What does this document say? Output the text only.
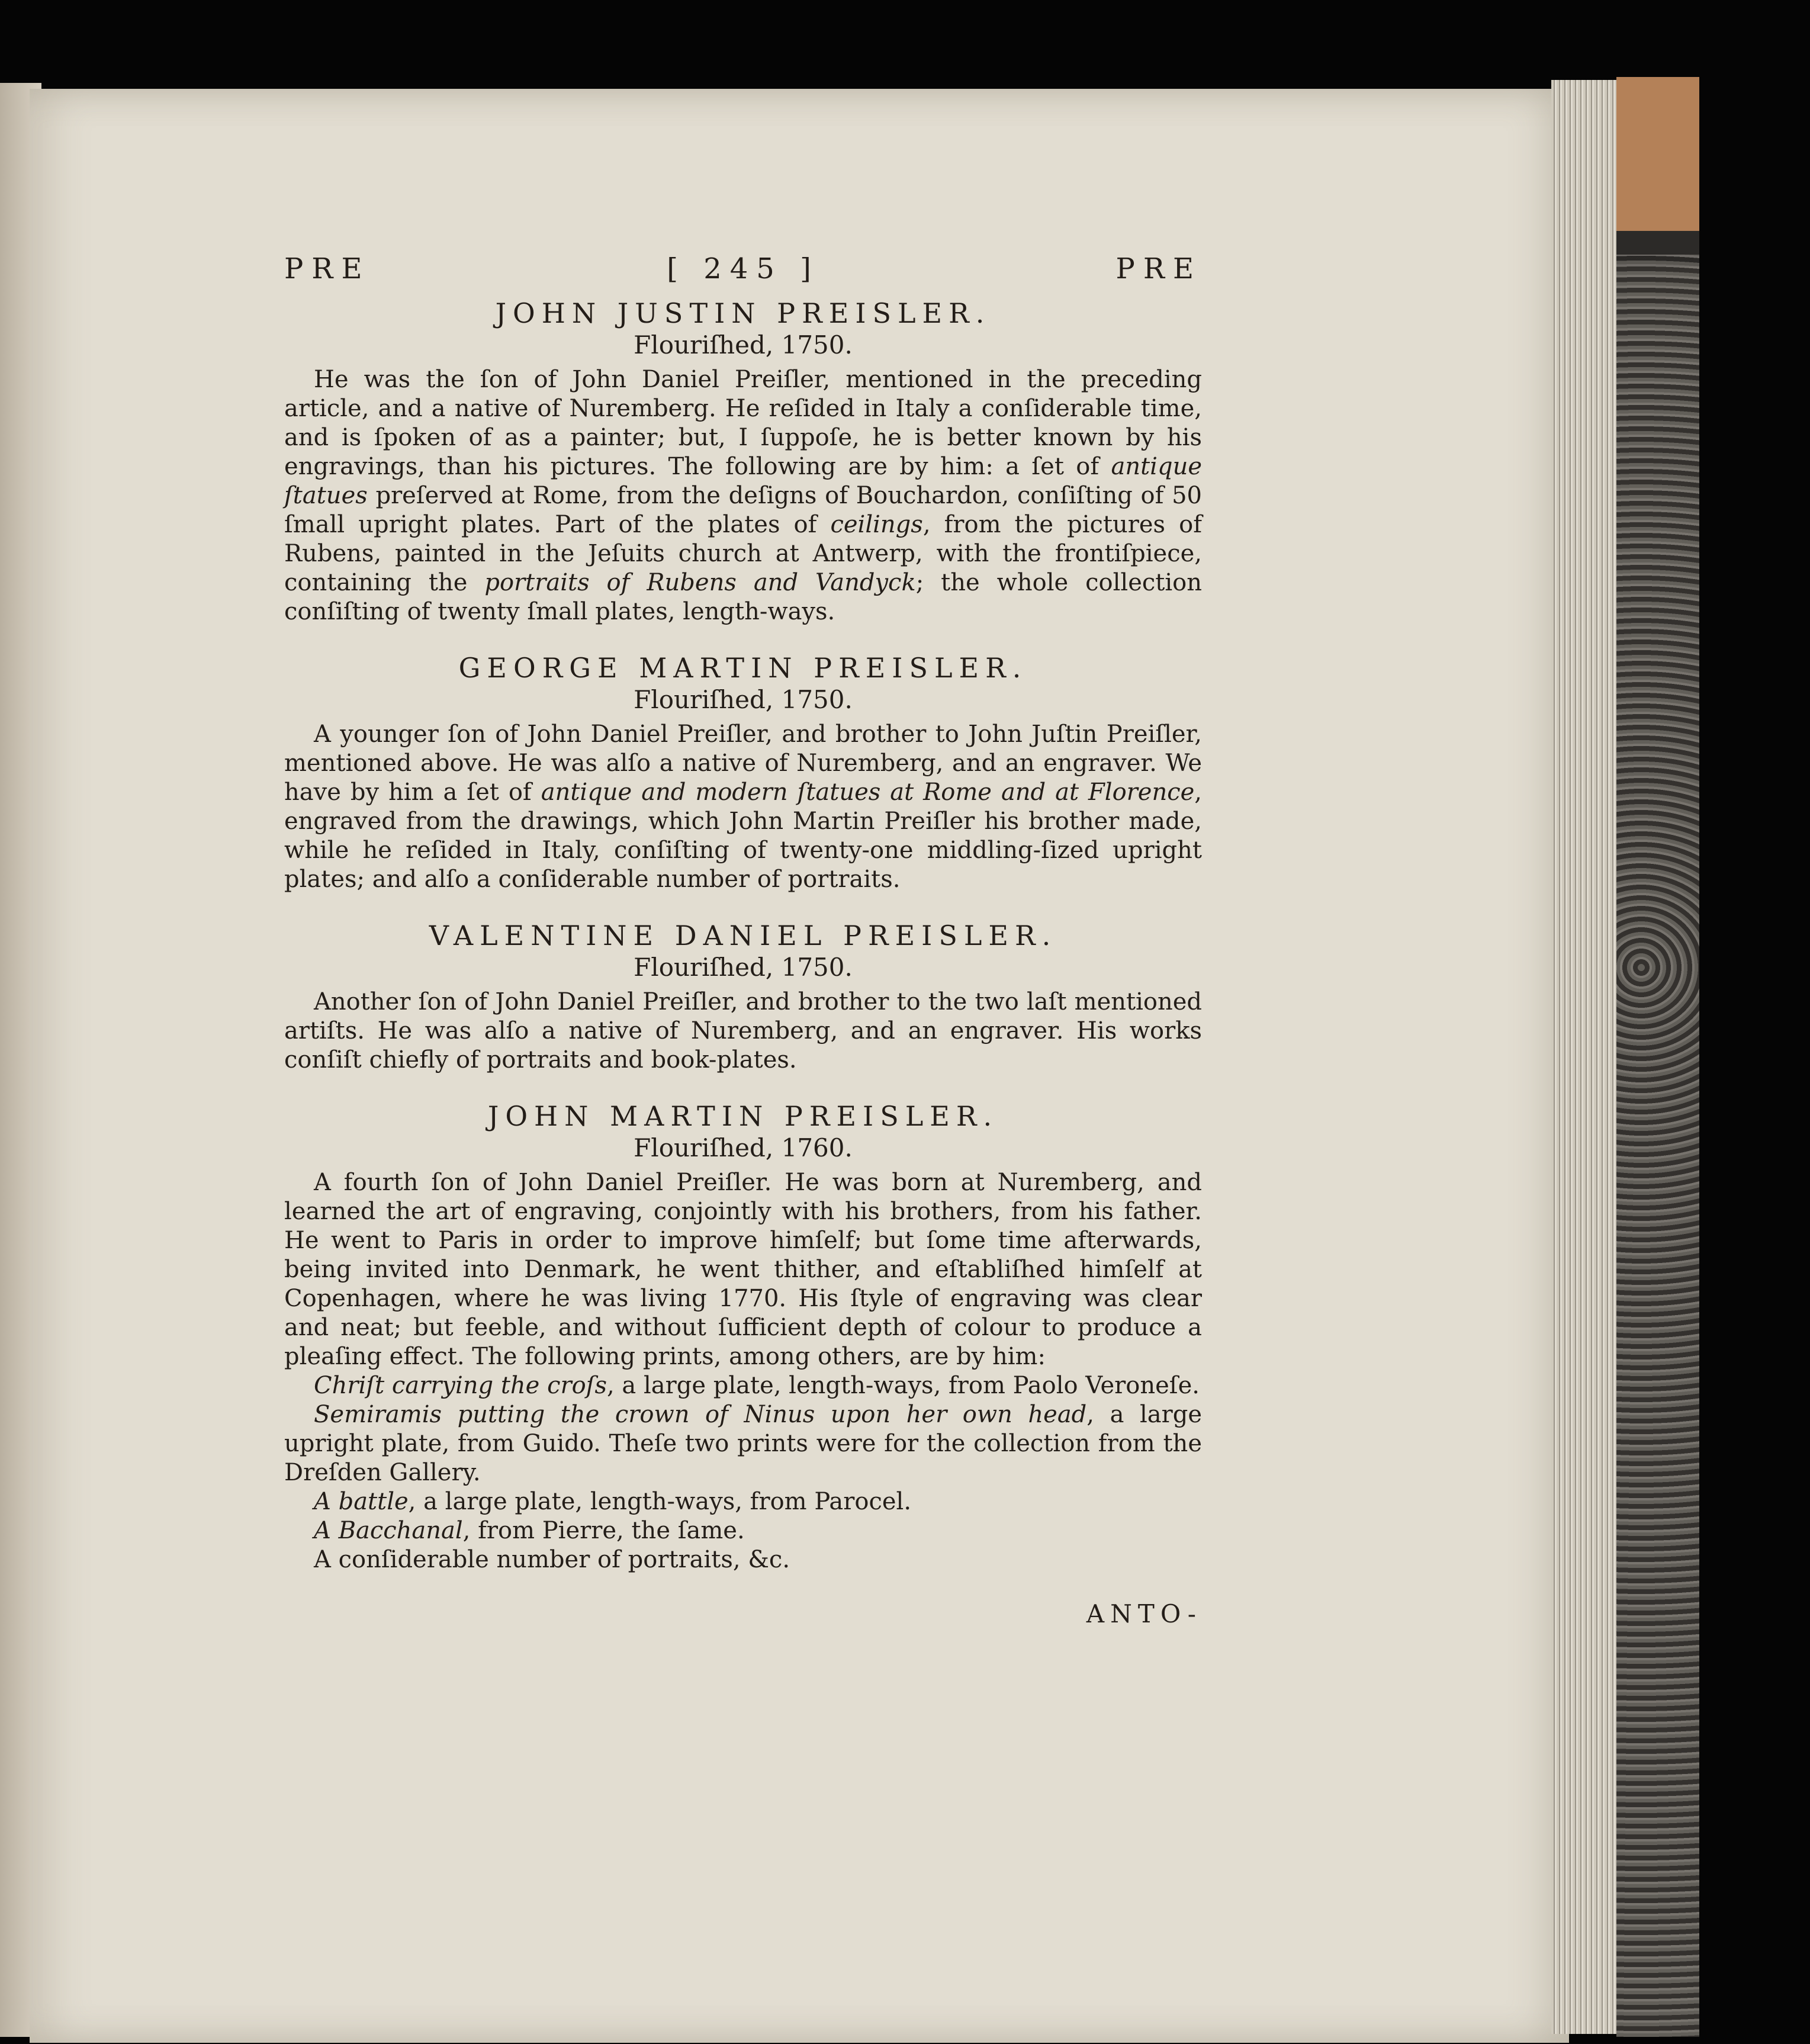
PRE	[ 245 ]	PRE

JOHN JUSTIN PREISLER.

Flouriſhed, 1750.

He was the ſon of John Daniel Preiſler, mentioned in the preceding article, and a native of Nuremberg. He reſided in Italy a conſiderable time, and is ſpoken of as a painter; but, I ſuppoſe, he is better known by his engravings, than his pictures. The following are by him: a ſet of antique ſtatues preſerved at Rome, from the deſigns of Bouchardon, conſiſting of 50 ſmall upright plates. Part of the plates of ceilings, from the pictures of Rubens, painted in the Jeſuits church at Antwerp, with the frontiſpiece, containing the portraits of Rubens and Vandyck; the whole collection conſiſting of twenty ſmall plates, length-ways.

GEORGE MARTIN PREISLER.

Flouriſhed, 1750.

A younger ſon of John Daniel Preiſler, and brother to John Juſtin Preiſler, mentioned above. He was alſo a native of Nuremberg, and an engraver. We have by him a ſet of antique and modern ſtatues at Rome and at Florence, engraved from the drawings, which John Martin Preiſler his brother made, while he reſided in Italy, conſiſting of twenty-one middling-ſized upright plates; and alſo a conſiderable number of portraits.

VALENTINE DANIEL PREISLER.

Flouriſhed, 1750.

Another ſon of John Daniel Preiſler, and brother to the two laſt mentioned artiſts. He was alſo a native of Nuremberg, and an engraver. His works conſiſt chiefly of portraits and book-plates.

JOHN MARTIN PREISLER.

Flouriſhed, 1760.

A fourth ſon of John Daniel Preiſler. He was born at Nuremberg, and learned the art of engraving, conjointly with his brothers, from his father. He went to Paris in order to improve himſelf; but ſome time afterwards, being invited into Denmark, he went thither, and eſtabliſhed himſelf at Copenhagen, where he was living 1770. His ſtyle of engraving was clear and neat; but feeble, and without ſufficient depth of colour to produce a pleaſing effect. The following prints, among others, are by him:

Chriſt carrying the croſs, a large plate, length-ways, from Paolo Veroneſe.

Semiramis putting the crown of Ninus upon her own head, a large upright plate, from Guido. Theſe two prints were for the collection from the Dreſden Gallery.

A battle, a large plate, length-ways, from Parocel.

A Bacchanal, from Pierre, the ſame.

A conſiderable number of portraits, &c.

ANTO-
